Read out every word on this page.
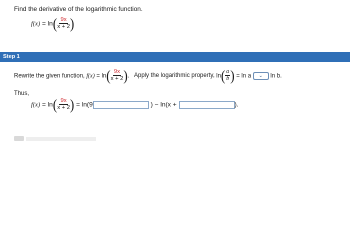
Find the derivative of the logarithmic function.
$f(x) = \ln( \frac{9x}{x + 2}$ )
Step 1
Rewrite the given function, $f(x) = \ln( \frac{9x}{x + 2}$ ). Apply the logarithmic property, $\ln( \frac{a}{b}$ ) = ln a ⌄ ln b.
Thus,
$f(x) = \ln( \frac{9x}{x + 2}$ ) = ln(9	) − ln(x +	).
